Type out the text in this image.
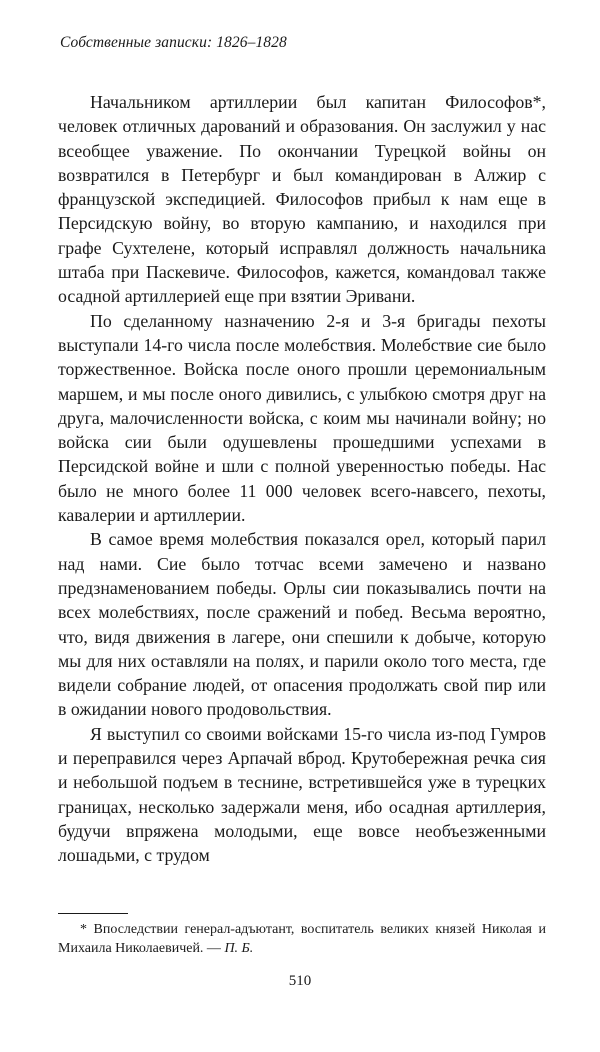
Собственные записки: 1826–1828

Начальником артиллерии был капитан Философов*, человек отличных дарований и образования. Он заслужил у нас всеобщее уважение. По окончании Турецкой войны он возвратился в Петербург и был командирован в Алжир с французской экспедицией. Философов прибыл к нам еще в Персидскую войну, во вторую кампанию, и находился при графе Сухтелене, который исправлял должность начальника штаба при Паскевиче. Философов, кажется, командовал также осадной артиллерией еще при взятии Эривани.

По сделанному назначению 2-я и 3-я бригады пехоты выступали 14-го числа после молебствия. Молебствие сие было торжественное. Войска после оного прошли церемониальным маршем, и мы после оного дивились, с улыбкою смотря друг на друга, малочисленности войска, с коим мы начинали войну; но войска сии были одушевлены прошедшими успехами в Персидской войне и шли с полной уверенностью победы. Нас было не много более 11 000 человек всего-навсего, пехоты, кавалерии и артиллерии.

В самое время молебствия показался орел, который парил над нами. Сие было тотчас всеми замечено и названо предзнаменованием победы. Орлы сии показывались почти на всех молебствиях, после сражений и побед. Весьма вероятно, что, видя движения в лагере, они спешили к добыче, которую мы для них оставляли на полях, и парили около того места, где видели собрание людей, от опасения продолжать свой пир или в ожидании нового продовольствия.

Я выступил со своими войсками 15-го числа из-под Гумров и переправился через Арпачай вброд. Крутобережная речка сия и небольшой подъем в теснине, встретившейся уже в турецких границах, несколько задержали меня, ибо осадная артиллерия, будучи впряжена молодыми, еще вовсе необъезженными лошадьми, с трудом

* Впоследствии генерал-адъютант, воспитатель великих князей Николая и Михаила Николаевичей. — П. Б.

510
